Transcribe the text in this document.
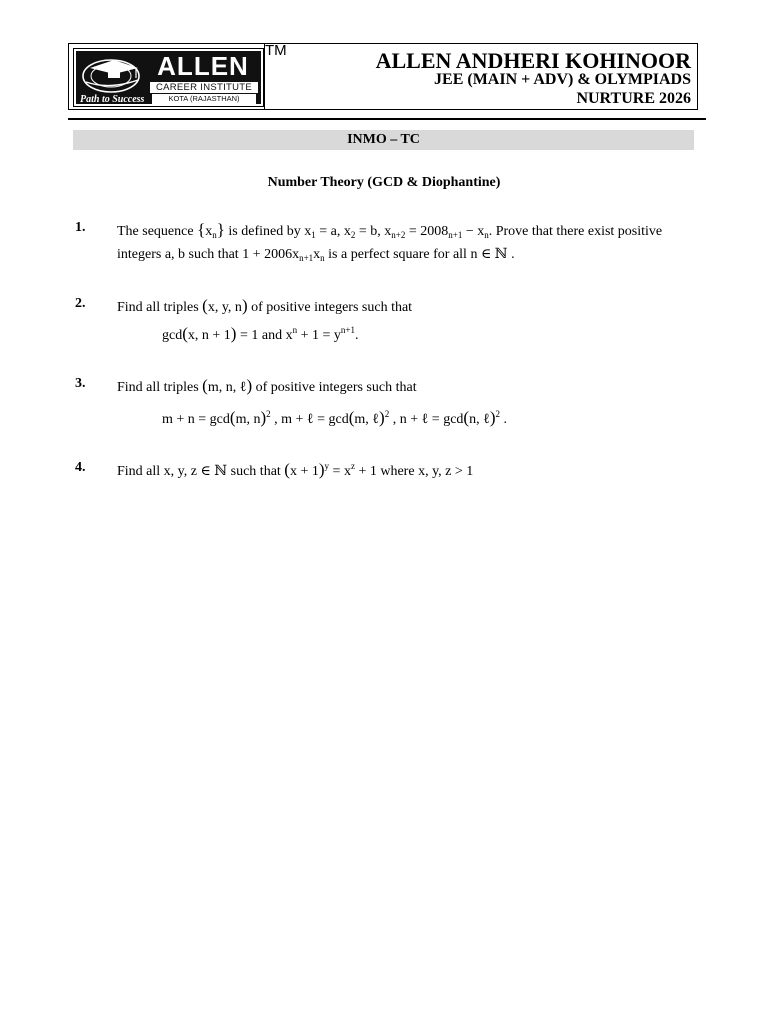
ALLEN
CAREER INSTITUTE
KOTA (RAJASTHAN)
Path to Success
TM	ALLEN ANDHERI KOHINOOR
JEE (MAIN + ADV) & OLYMPIADS
NURTURE 2026
INMO – TC
Number Theory (GCD & Diophantine)
1. The sequence $\{x_n\}$ is defined by $x_1 = a$, $x_2 = b$, $x_{n+2} = 2008_{n+1} - x_n$. Prove that there exist positive
integers a, b such that $1 + 2006x_{n+1}x_n$ is a perfect square for all n ∈ ℕ .
2. Find all triples (x, y, n) of positive integers such that
gcd(x, n + 1) = 1 and $x^n + 1 = y^{n+1}$.
3. Find all triples (m, n, ℓ) of positive integers such that
m + n = gcd(m, n)$^2$ , m + ℓ = gcd(m, ℓ)$^2$ , n + ℓ = gcd(n, ℓ)$^2$ .
4. Find all x, y, z ∈ ℕ such that $(x + 1)^y = x^z + 1$ where x, y, z > 1
